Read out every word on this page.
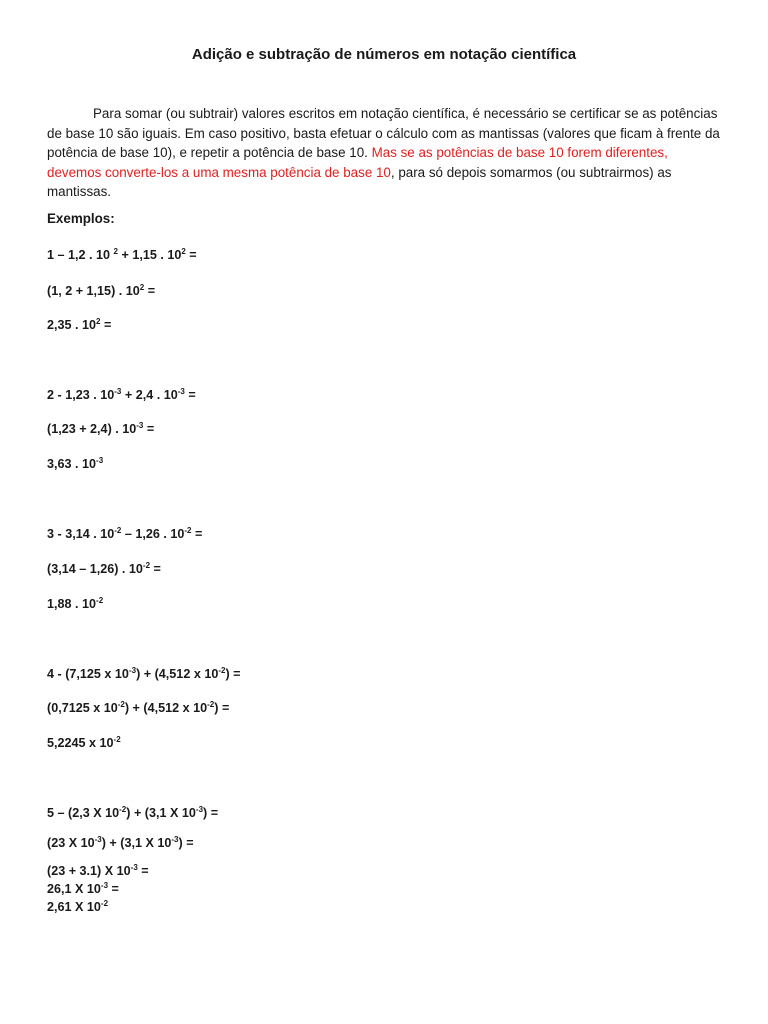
Adição e subtração de números em notação científica

Para somar (ou subtrair) valores escritos em notação científica, é necessário se certificar se as potências de base 10 são iguais. Em caso positivo, basta efetuar o cálculo com as mantissas (valores que ficam à frente da potência de base 10), e repetir a potência de base 10. Mas se as potências de base 10 forem diferentes, devemos converte-los a uma mesma potência de base 10, para só depois somarmos (ou subtrairmos) as mantissas.

Exemplos:
1 – 1,2 . 10 $^2$ + 1,15 . $10^2$ =
(1, 2 + 1,15) . $10^2$ =
2,35 . $10^2$ =
2 - 1,23 . $10^{-3} + 2,4$ . $10^{-3}$ =
(1,23 + 2,4) . $10^{-3}$ =
3,63 . $10^{-3}$
3 - 3,14 . $10^{-2} - 1,26$ . $10^{-2}$ =
(3,14 – 1,26) . $10^{-2}$ =
1,88 . $10^{-2}$
4 - (7,125 x $10^{-3}) + (4,512$ x $10^{-2}$) =
(0,7125 x $10^{-2}) + (4,512$ x $10^{-2}$) =
5,2245 x $10^{-2}$
5 – (2,3 X $10^{-2}) + (3,1$ X $10^{-3}$) =
(23 X $10^{-3}) + (3,1$ X $10^{-3}$) =
(23 + 3.1) X $10^{-3}$ =
26,1 X $10^{-3}$ =
2,61 X $10^{-2}$
